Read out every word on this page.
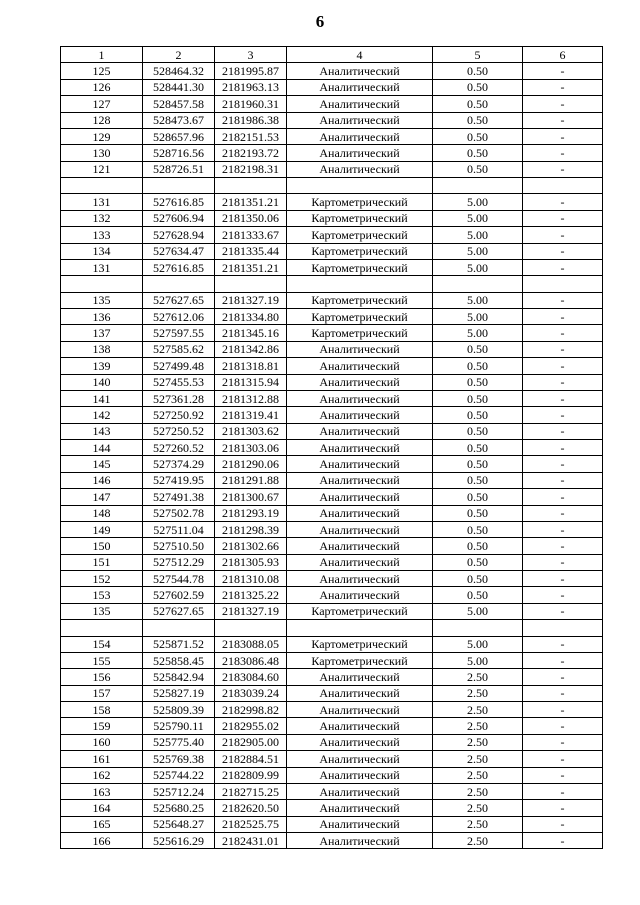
6
1	2	3	4	5	6
125	528464.32	2181995.87	Аналитический	0.50	-
126	528441.30	2181963.13	Аналитический	0.50	-
127	528457.58	2181960.31	Аналитический	0.50	-
128	528473.67	2181986.38	Аналитический	0.50	-
129	528657.96	2182151.53	Аналитический	0.50	-
130	528716.56	2182193.72	Аналитический	0.50	-
121	528726.51	2182198.31	Аналитический	0.50	-

131	527616.85	2181351.21	Картометрический	5.00	-
132	527606.94	2181350.06	Картометрический	5.00	-
133	527628.94	2181333.67	Картометрический	5.00	-
134	527634.47	2181335.44	Картометрический	5.00	-
131	527616.85	2181351.21	Картометрический	5.00	-

135	527627.65	2181327.19	Картометрический	5.00	-
136	527612.06	2181334.80	Картометрический	5.00	-
137	527597.55	2181345.16	Картометрический	5.00	-
138	527585.62	2181342.86	Аналитический	0.50	-
139	527499.48	2181318.81	Аналитический	0.50	-
140	527455.53	2181315.94	Аналитический	0.50	-
141	527361.28	2181312.88	Аналитический	0.50	-
142	527250.92	2181319.41	Аналитический	0.50	-
143	527250.52	2181303.62	Аналитический	0.50	-
144	527260.52	2181303.06	Аналитический	0.50	-
145	527374.29	2181290.06	Аналитический	0.50	-
146	527419.95	2181291.88	Аналитический	0.50	-
147	527491.38	2181300.67	Аналитический	0.50	-
148	527502.78	2181293.19	Аналитический	0.50	-
149	527511.04	2181298.39	Аналитический	0.50	-
150	527510.50	2181302.66	Аналитический	0.50	-
151	527512.29	2181305.93	Аналитический	0.50	-
152	527544.78	2181310.08	Аналитический	0.50	-
153	527602.59	2181325.22	Аналитический	0.50	-
135	527627.65	2181327.19	Картометрический	5.00	-

154	525871.52	2183088.05	Картометрический	5.00	-
155	525858.45	2183086.48	Картометрический	5.00	-
156	525842.94	2183084.60	Аналитический	2.50	-
157	525827.19	2183039.24	Аналитический	2.50	-
158	525809.39	2182998.82	Аналитический	2.50	-
159	525790.11	2182955.02	Аналитический	2.50	-
160	525775.40	2182905.00	Аналитический	2.50	-
161	525769.38	2182884.51	Аналитический	2.50	-
162	525744.22	2182809.99	Аналитический	2.50	-
163	525712.24	2182715.25	Аналитический	2.50	-
164	525680.25	2182620.50	Аналитический	2.50	-
165	525648.27	2182525.75	Аналитический	2.50	-
166	525616.29	2182431.01	Аналитический	2.50	-
